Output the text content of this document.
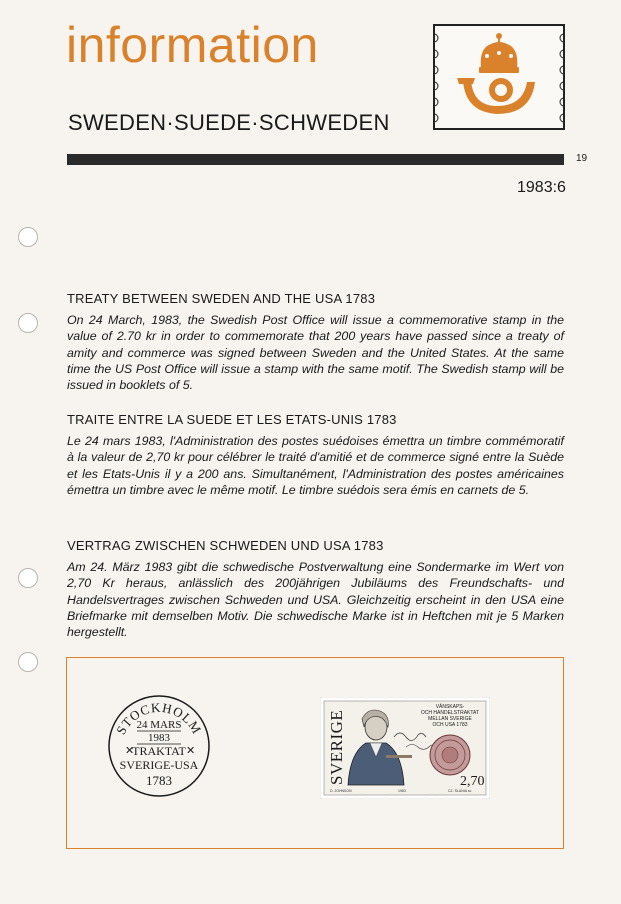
information
SWEDEN·SUEDE·SCHWEDEN
19
1983:6
TREATY BETWEEN SWEDEN AND THE USA 1783

On 24 March, 1983, the Swedish Post Office will issue a commemorative stamp in the value of 2.70 kr in order to commemorate that 200 years have passed since a treaty of amity and commerce was signed between Sweden and the United States. At the same time the US Post Office will issue a stamp with the same motif. The Swedish stamp will be issued in booklets of 5.

TRAITE ENTRE LA SUEDE ET LES ETATS-UNIS 1783

Le 24 mars 1983, l'Administration des postes suédoises émettra un timbre commémoratif à la valeur de 2,70 kr pour célébrer le traité d'amitié et de commerce signé entre la Suède et les Etats-Unis il y a 200 ans. Simultanément, l'Administration des postes américaines émettra un timbre avec le même motif. Le timbre suédois sera émis en carnets de 5.

VERTRAG ZWISCHEN SCHWEDEN UND USA 1783

Am 24. März 1983 gibt die schwedische Postverwaltung eine Sondermarke im Wert von 2,70 Kr heraus, anlässlich des 200jährigen Jubiläums des Freundschafts- und Handelsvertrages zwischen Schweden und USA. Gleichzeitig erscheint in den USA eine Briefmarke mit demselben Motiv. Die schwedische Marke ist in Heftchen mit je 5 Marken hergestellt.

STOCKHOLM
24 MARS
1983
TRAKTAT
✕	✕
SVERIGE-USA
1783	SVERIGE
VÄNSKAPS-
OCH HANDELSTRAKTAT
MELLAN SVERIGE
OCH USA 1783
2,70
D. JOHNSON	1983	CZ. SLANIA sc
